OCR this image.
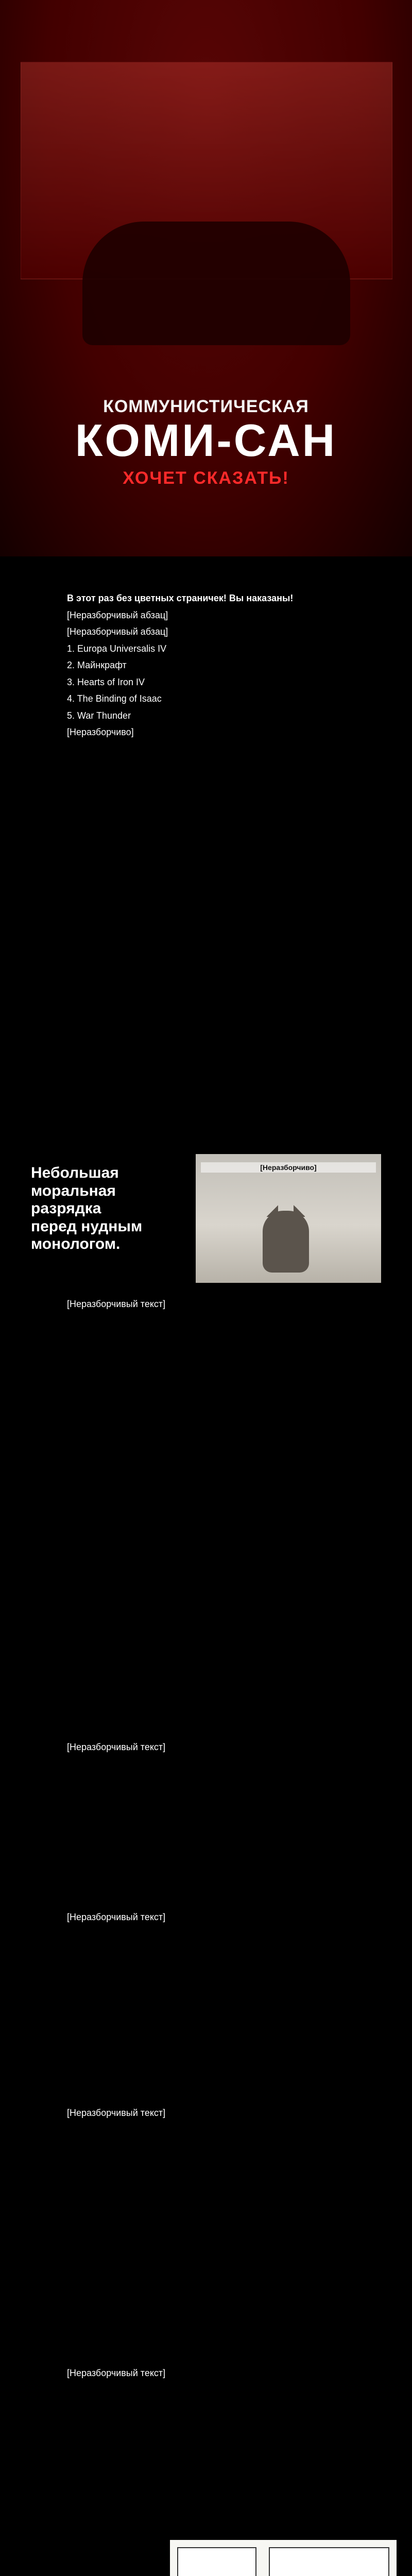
КОММУНИСТИЧЕСКАЯ
КОМИ-САН
ХОЧЕТ СКАЗАТЬ!

В этот раз без цветных страничек! Вы наказаны!

[Неразборчивый абзац]

[Неразборчивый абзац]

1. Europa Universalis IV

2. Майнкрафт

3. Hearts of Iron IV

4. The Binding of Isaac

5. War Thunder

[Неразборчиво]

Небольшая моральная разрядка перед нудным монологом.
[Неразборчиво]

[Неразборчивый текст]

[Неразборчивый текст]

[Неразборчивый текст]

[Неразборчивый текст]

[Неразборчивый текст]
